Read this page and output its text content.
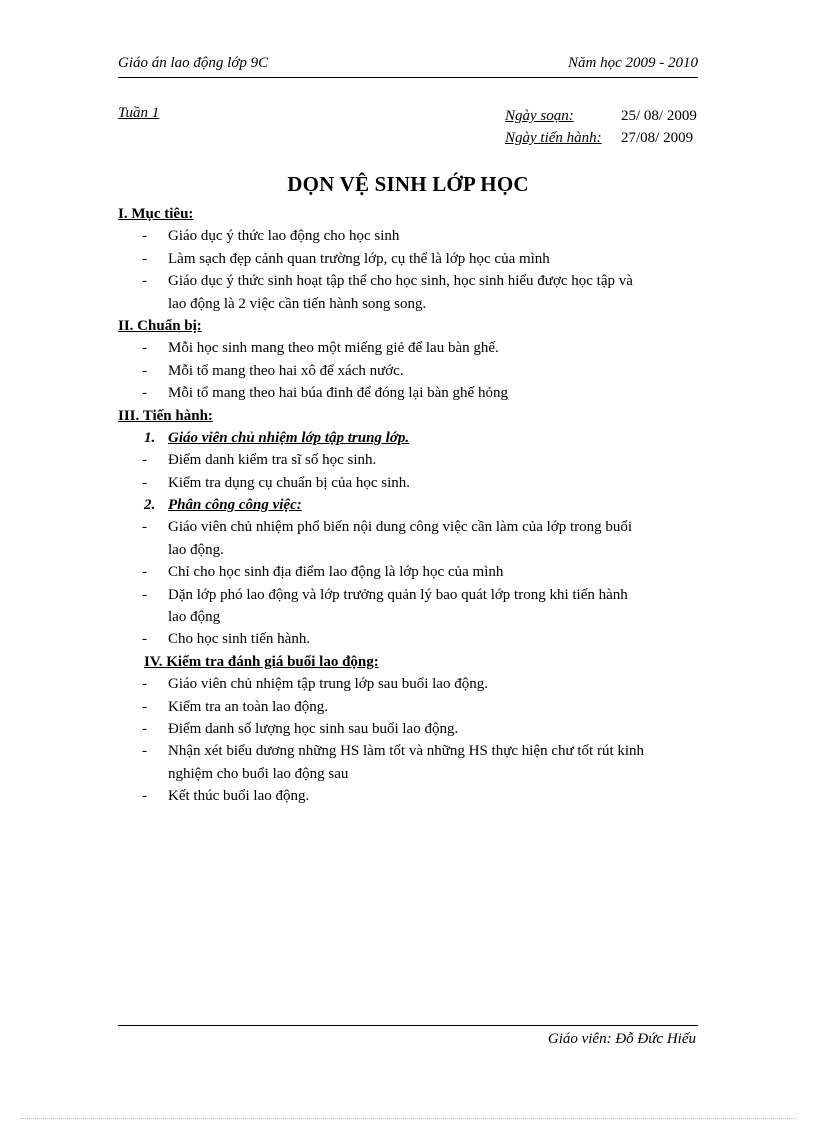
Giáo án lao động lớp 9C	Năm học 2009 - 2010
Tuần 1	Ngày soạn:	25/ 08/ 2009
Ngày tiến hành: 27/08/ 2009
DỌN VỆ SINH LỚP HỌC
I. Mục tiêu:
- Giáo dục ý thức lao động cho học sinh
- Làm sạch đẹp cảnh quan trường lớp, cụ thể là lớp học của mình
- Giáo dục ý thức sinh hoạt tập thể cho học sinh, học sinh hiểu được học tập và
lao động là 2 việc cần tiến hành song song.
II. Chuẩn bị:
- Mỗi học sinh mang theo một miếng giẻ để lau bàn ghế.
- Mỗi tổ mang theo hai xô để xách nước.
- Mỗi tổ mang theo hai búa đinh để đóng lại bàn ghế hỏng
III. Tiến hành:
1. Giáo viên chủ nhiệm lớp tập trung lớp.
- Điểm danh kiểm tra sĩ số học sinh.
- Kiểm tra dụng cụ chuẩn bị của học sinh.
2. Phân công công việc:
- Giáo viên chủ nhiệm phổ biến nội dung công việc cần làm của lớp trong buổi
lao động.
- Chỉ cho học sinh địa điểm lao động là lớp học của mình
- Dặn lớp phó lao động và lớp trưởng quản lý bao quát lớp trong khi tiến hành
lao động
- Cho học sinh tiến hành.
IV. Kiểm tra đánh giá buổi lao động:
- Giáo viên chủ nhiệm tập trung lớp sau buổi lao động.
- Kiểm tra an toàn lao động.
- Điểm danh số lượng học sinh sau buổi lao động.
- Nhận xét biểu dương những HS làm tốt và những HS thực hiện chư tốt rút kinh
nghiệm cho buổi lao động sau
- Kết thúc buổi lao động.
Giáo viên: Đỗ Đức Hiếu
